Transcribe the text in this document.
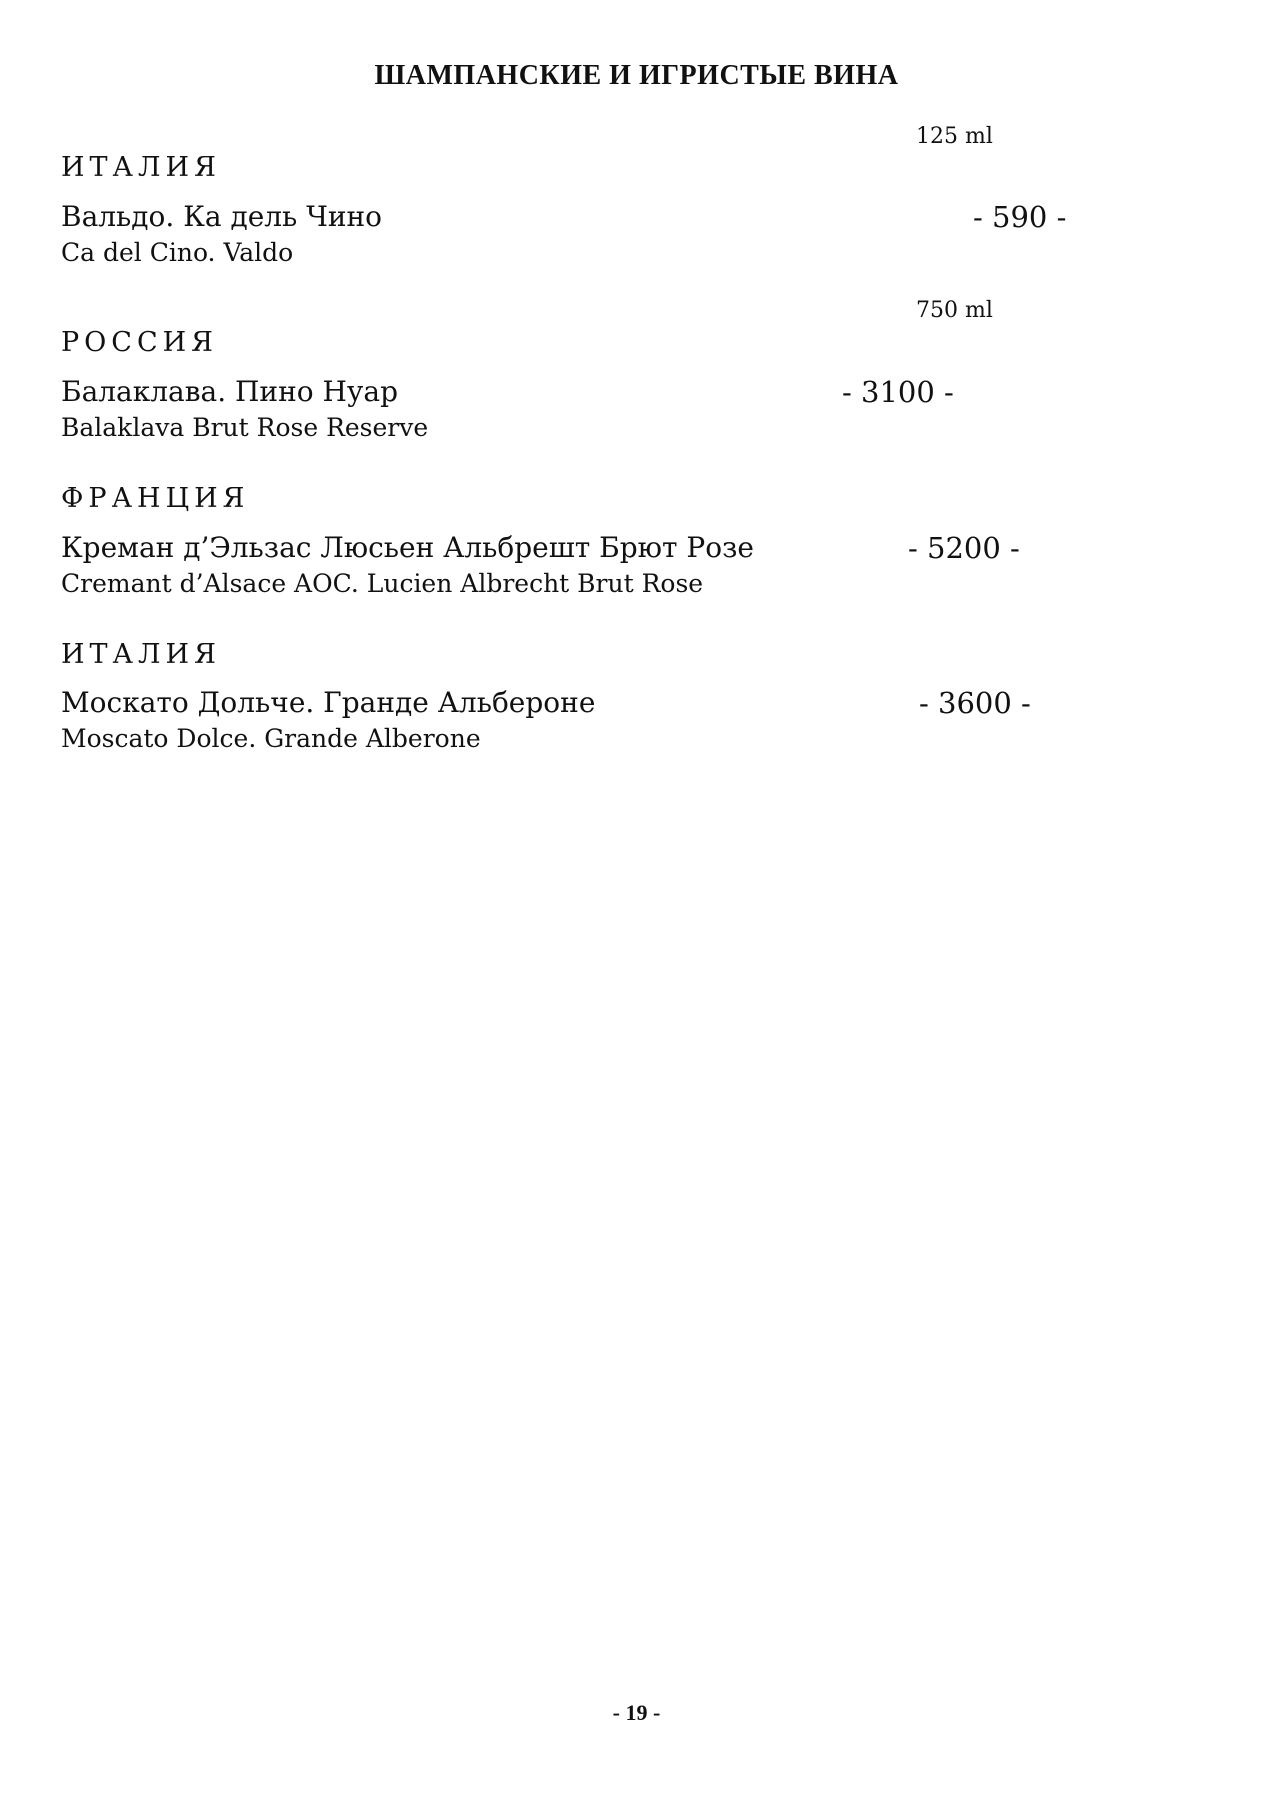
ШАМПАНСКИЕ И ИГРИСТЫЕ ВИНА
125 ml
ИТАЛИЯ
Вальдо. Ка дель Чино	- 590 -
Ca del Cino. Valdo
750 ml
РОССИЯ
Балаклава. Пино Нуар	- 3100 -
Balaklava Brut Rose Reserve
ФРАНЦИЯ
Креман д’Эльзас Люсьен Альбрешт Брют Розе	- 5200 -
Cremant d’Alsace AOC. Lucien Albrecht Brut Rose
ИТАЛИЯ
Москато Дольче. Гранде Альбероне	- 3600 -
Moscato Dolce. Grande Alberone
- 19 -
